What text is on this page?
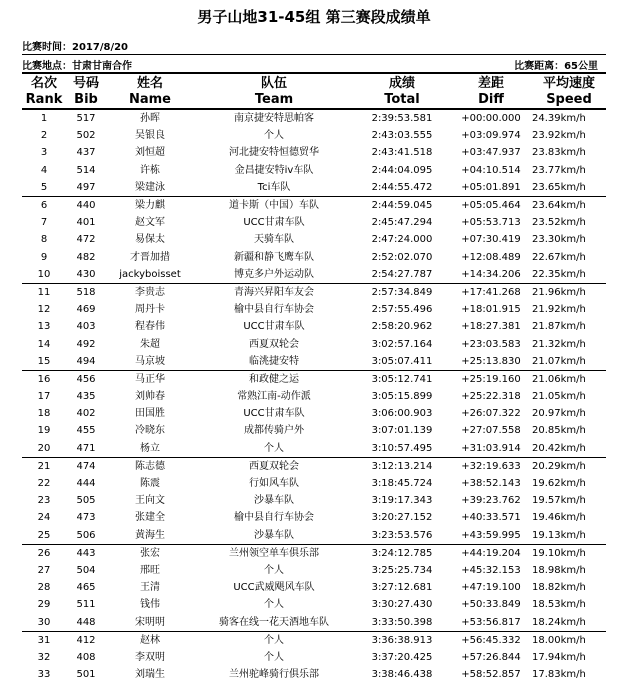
男子山地31-45组 第三赛段成绩单
比赛时间：2017/8/20
比赛地点：甘肃甘南合作	比赛距离：65公里
名次	号码	姓名	队伍	成绩	差距	平均速度
Rank	Bib	Name	Team	Total	Diff	Speed
1	517	孙晖	南京捷安特思帕客	2:39:53.581	+00:00.000	24.39km/h
2	502	吴银良	个人	2:43:03.555	+03:09.974	23.92km/h
3	437	刘恒超	河北捷安特恒德贸华	2:43:41.518	+03:47.937	23.83km/h
4	514	许栋	金昌捷安特iv车队	2:44:04.095	+04:10.514	23.77km/h
5	497	梁建泳	Tci车队	2:44:55.472	+05:01.891	23.65km/h
6	440	梁力麒	道卡斯（中国）车队	2:44:59.045	+05:05.464	23.64km/h
7	401	赵文军	UCC甘肃车队	2:45:47.294	+05:53.713	23.52km/h
8	472	易保太	天骑车队	2:47:24.000	+07:30.419	23.30km/h
9	482	才晋加措	新疆和静飞鹰车队	2:52:02.070	+12:08.489	22.67km/h
10	430	jackyboisset	博克多户外运动队	2:54:27.787	+14:34.206	22.35km/h
11	518	李贵志	青海兴昇阳车友会	2:57:34.849	+17:41.268	21.96km/h
12	469	周丹卡	榆中县自行车协会	2:57:55.496	+18:01.915	21.92km/h
13	403	程春伟	UCC甘肃车队	2:58:20.962	+18:27.381	21.87km/h
14	492	朱超	西夏双轮会	3:02:57.164	+23:03.583	21.32km/h
15	494	马京坡	临洮捷安特	3:05:07.411	+25:13.830	21.07km/h
16	456	马正华	和政健之运	3:05:12.741	+25:19.160	21.06km/h
17	435	刘帅春	常熟江南-动作派	3:05:15.899	+25:22.318	21.05km/h
18	402	田国胜	UCC甘肃车队	3:06:00.903	+26:07.322	20.97km/h
19	455	冷晓东	成都传骑户外	3:07:01.139	+27:07.558	20.85km/h
20	471	杨立	个人	3:10:57.495	+31:03.914	20.42km/h
21	474	陈志德	西夏双轮会	3:12:13.214	+32:19.633	20.29km/h
22	444	陈震	行如风车队	3:18:45.724	+38:52.143	19.62km/h
23	505	王向文	沙暴车队	3:19:17.343	+39:23.762	19.57km/h
24	473	张建全	榆中县自行车协会	3:20:27.152	+40:33.571	19.46km/h
25	506	黄海生	沙暴车队	3:23:53.576	+43:59.995	19.13km/h
26	443	张宏	兰州领空单车俱乐部	3:24:12.785	+44:19.204	19.10km/h
27	504	邢旺	个人	3:25:25.734	+45:32.153	18.98km/h
28	465	王清	UCC武威飓风车队	3:27:12.681	+47:19.100	18.82km/h
29	511	钱伟	个人	3:30:27.430	+50:33.849	18.53km/h
30	448	宋明明	骑客在线一花天酒地车队	3:33:50.398	+53:56.817	18.24km/h
31	412	赵林	个人	3:36:38.913	+56:45.332	18.00km/h
32	408	李双明	个人	3:37:20.425	+57:26.844	17.94km/h
33	501	刘瑞生	兰州驼峰骑行俱乐部	3:38:46.438	+58:52.857	17.83km/h
